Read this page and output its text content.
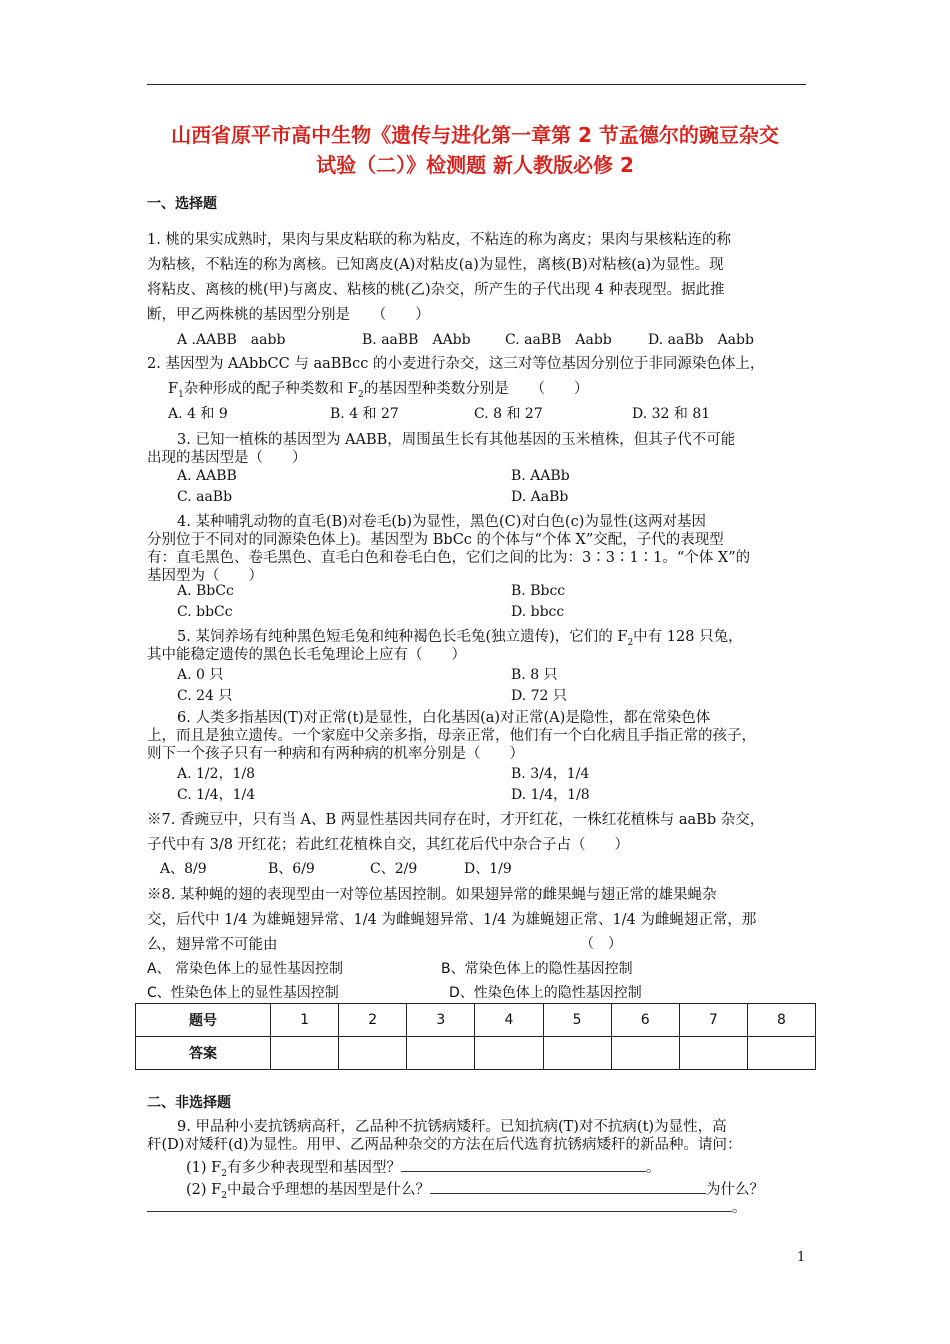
山西省原平市高中生物《遗传与进化第一章第 2 节孟德尔的豌豆杂交
试验（二）》检测题 新人教版必修 2
一、选择题
1. 桃的果实成熟时，果肉与果皮粘联的称为粘皮，不粘连的称为离皮；果肉与果核粘连的称
为粘核，不粘连的称为离核。已知离皮(A)对粘皮(a)为显性，离核(B)对粘核(a)为显性。现
将粘皮、离核的桃(甲)与离皮、粘核的桃(乙)杂交，所产生的子代出现 4 种表现型。据此推
断，甲乙两株桃的基因型分别是　　（　　）
A .AABB　aabb	B. aaBB　AAbb C. aaBB　Aabb	D. aaBb　Aabb
2. 基因型为 AAbbCC 与 aaBBcc 的小麦进行杂交，这三对等位基因分别位于非同源染色体上，
$F_1$杂种形成的配子种类数和 $F_2$的基因型种类数分别是　　（　　）
A. 4 和 9	B. 4 和 27	C. 8 和 27	D. 32 和 81
3. 已知一植株的基因型为 AABB，周围虽生长有其他基因的玉米植株，但其子代不可能
出现的基因型是（　　）
A. AABB	B. AABb
C. aaBb	D. AaBb
4. 某种哺乳动物的直毛(B)对卷毛(b)为显性，黑色(C)对白色(c)为显性(这两对基因
分别位于不同对的同源染色体上)。基因型为 BbCc 的个体与“个体 X”交配，子代的表现型
有：直毛黑色、卷毛黑色、直毛白色和卷毛白色，它们之间的比为：3∶3∶1∶1。“个体 X”的
基因型为（　　）
A. BbCc	B. Bbcc
C. bbCc	D. bbcc
5. 某饲养场有纯种黑色短毛兔和纯种褐色长毛兔(独立遗传)，它们的 $F_2$中有 128 只兔，
其中能稳定遗传的黑色长毛兔理论上应有（　　）
A. 0 只	B. 8 只
C. 24 只	D. 72 只
6. 人类多指基因(T)对正常(t)是显性，白化基因(a)对正常(A)是隐性，都在常染色体
上，而且是独立遗传。一个家庭中父亲多指，母亲正常，他们有一个白化病且手指正常的孩子，
则下一个孩子只有一种病和有两种病的机率分别是（　　）
A. 1/2，1/8	B. 3/4，1/4
C. 1/4，1/4	D. 1/4，1/8
※7. 香豌豆中，只有当 A、B 两显性基因共同存在时，才开红花，一株红花植株与 aaBb 杂交，
子代中有 3/8 开红花；若此红花植株自交，其红花后代中杂合子占（　　）
A、8/9	B、6/9	C、2/9	D、1/9
※8. 某种蝇的翅的表现型由一对等位基因控制。如果翅异常的雌果蝇与翅正常的雄果蝇杂
交，后代中 1/4 为雄蝇翅异常、1/4 为雌蝇翅异常、1/4 为雄蝇翅正常、1/4 为雌蝇翅正常，那
么，翅异常不可能由	（　）
A、 常染色体上的显性基因控制	B、常染色体上的隐性基因控制
C、性染色体上的显性基因控制	D、性染色体上的隐性基因控制
题号	1	2	3	4	5	6	7	8
答案								
二、非选择题
9. 甲品种小麦抗锈病高秆，乙品种不抗锈病矮秆。已知抗病(T)对不抗病(t)为显性，高
秆(D)对矮秆(d)为显性。用甲、乙两品种杂交的方法在后代选育抗锈病矮秆的新品种。请问：
(1) $F_2$有多少种表现型和基因型？	。
(2) $F_2$中最合乎理想的基因型是什么？	为什么？
。
1
